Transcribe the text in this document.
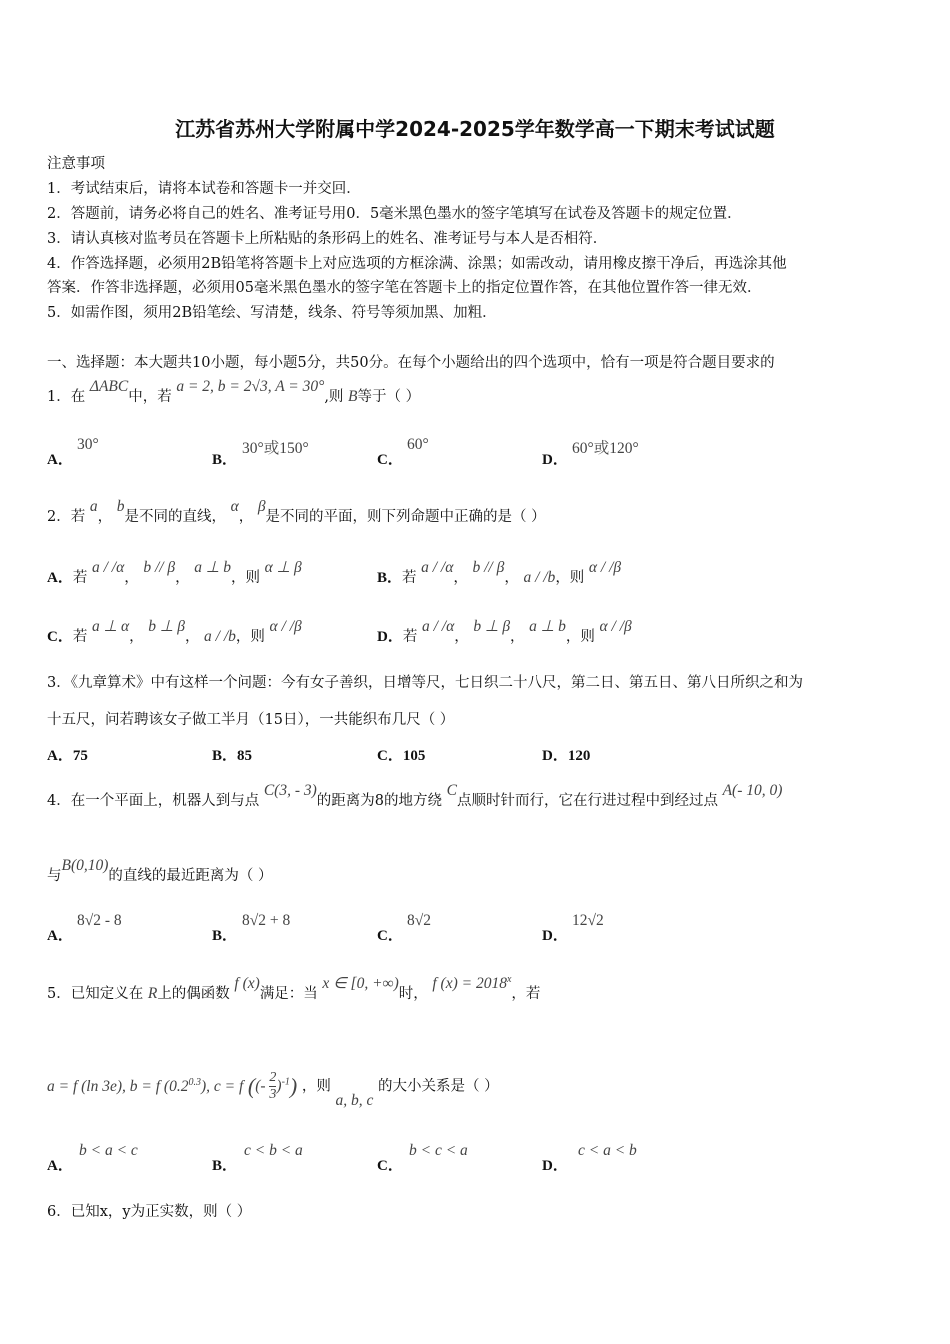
江苏省苏州大学附属中学2024-2025学年数学高一下期末考试试题
注意事项
1．考试结束后，请将本试卷和答题卡一并交回．
2．答题前，请务必将自己的姓名、准考证号用0．5毫米黑色墨水的签字笔填写在试卷及答题卡的规定位置．
3．请认真核对监考员在答题卡上所粘贴的条形码上的姓名、准考证号与本人是否相符．
4．作答选择题，必须用2B铅笔将答题卡上对应选项的方框涂满、涂黑；如需改动，请用橡皮擦干净后，再选涂其他
答案．作答非选择题，必须用05毫米黑色墨水的签字笔在答题卡上的指定位置作答，在其他位置作答一律无效．
5．如需作图，须用2B铅笔绘、写清楚，线条、符号等须加黑、加粗．
一、选择题：本大题共10小题，每小题5分，共50分。在每个小题给出的四个选项中，恰有一项是符合题目要求的
1．在 ΔABC中，若 a = 2, b = 2√3, A = 30°,则 B等于（ ）
A．
30°
B．
30°或150°
C．
60°
D．
60°或120°
2．若 a， b是不同的直线， α， β是不同的平面，则下列命题中正确的是（ ）
A．若 a / /α， b // β， a ⊥ b，则 α ⊥ β
B．若 a / /α， b // β， a / /b，则 α / /β
C．若 a ⊥ α， b ⊥ β， a / /b，则 α / /β
D．若 a / /α， b ⊥ β， a ⊥ b，则 α / /β
3．《九章算术》中有这样一个问题：今有女子善织，日增等尺，七日织二十八尺，第二日、第五日、第八日所织之和为
十五尺，问若聘该女子做工半月（15日），一共能织布几尺（ ）
A．75	B．85	C．105	D．120
4．在一个平面上，机器人到与点 C(3, - 3)的距离为8的地方绕 C点顺时针而行，它在行进过程中到经过点 A(- 10, 0)
与B(0,10)的直线的最近距离为（ ）
A．
8√2 - 8
B．
8√2 + 8
C．
8√2
D．
12√2
5．已知定义在 R上的偶函数 f (x)满足：当 x ∈ [0, +∞)时， f $(x) = 2018^x$，若
a = f (ln 3e), b = f $(0.2^{0.3})$, c = f ((- $\frac{2}{3} )^{-1}$) ，则 a, b, c 的大小关系是（ ）
A．
b < a < c
B．
c < b < a
C．
b < c < a
D．
c < a < b
6．已知x，y为正实数，则（ ）
